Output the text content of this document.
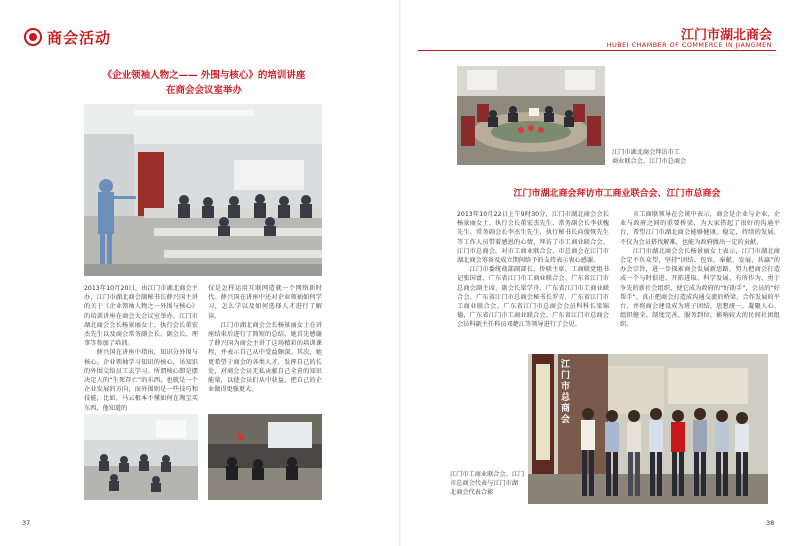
商会活动
《企业领袖人物之—— 外围与核心》的培训讲座
在商会会议室举办
2013年10月20日，由江门市湖北商会主办，江门市湖北商会副秘书长薛兴国主讲的关于《企业领袖人物之一外围与核心》的培训讲座在商会大会议室举办。江门市湖北商会会长杨景丽女士、执行会长董宏杰先生以及商会常务副会长、副会长、理事等参加了培训。
　　薛兴国在讲座中指出，知识分外围与核心。企业领袖学习知识的核心，吊知识的外围交给员工去学习。所谓核心即是摆决定人的“生死存亡”的东西，也就是一个企业发展的方向，而外围则是一些技巧和技能，比如，马云根本不懂如何在淘宝买东西，他知道的
仅是怎样运用互联网造就一个网络新时代。薛兴国在讲座中还对企业领袖如何学习，怎么学以及如何选择人才进行了解读。
　　江门市湖北商会会长杨景丽女士在讲座结束后进行了简短的总结，她首先感谢了薛兴国为商会主讲了这场精彩的培训课程，并表示自己从中受益颇深。其次，她更希望于商会的各类人才，发挥自己的长处，对商会会员无私贡献自己全責的知识能量，以使会员们从中获益，把自己的企业做得更强更大。
37
江门市湖北商会
HUBEI CHAMBER OF COMMERCE IN JIANGMEN
江门市湖北商会拜访市工
商业联合会、江门市总商会
江门市湖北商会拜访市工商业联合会、江门市总商会
2013年10月22日上午9时30分，江门市湖北商会会长杨景丽女士、执行会长董宏杰先生、常务副会长李获槐先生、常务副会长李杰生先生、执行秘书长向傻恢先生等工作人员带着感恩的心情，拜访了市工商业联合会、江门市总商会，对市工商业联合会、市总商会在江门市湖北商会筹备及成立期间给予的支持表示衷心感谢。
　　江门市委统战部副部长、侨联主席、工商联党组书记张国富，广东省江门市工商业联合会、广东省江门市总商会副主席、副会长梁学舟，广东省江门市工商业联合会、广东省江门市总商会秘书长罗青，广东省江门市工商业联合会、广东省江门市总商会会员科科长梁锦德，广东省江门市工商业联合会、广东省江门市总商会会员科副主任科员邓楚江等领导进行了会见。
　　市工商联领导在会谈中表示，商会是企业与企业、企业与政府之间的重要桥梁，为大家搭起了很好的沟通平台，希望江门市湖北商会能够健康、稳定，持续的发展，不仅为会员搭伐解难，也能为政府做出一定的贡献。
　　江门市湖北商会会长杨景丽女士表示，江门市湖北商会定不负众望，坚持“团结、包容、奉献、发展、共赢”的办会宗旨，进一步探索商会发展新思路，努力把商会打造成一个与时俱进、开拓进取、科学发展、有所作为、勇于争先的新社会组织，使它成为政府的“好助手”，会员的“好帮手”，真正把商会打造成沟通交流的桥梁，合作发展的平台，并将商会建设成为班子团结、思想统一、凝聚人心、组织健全、制度完善、服务到位、影响较大的民间社团组织。
江门市总商会
江门市工商业联合会、江门
市总商会代表与江门市湖
北商会代表合影
38
